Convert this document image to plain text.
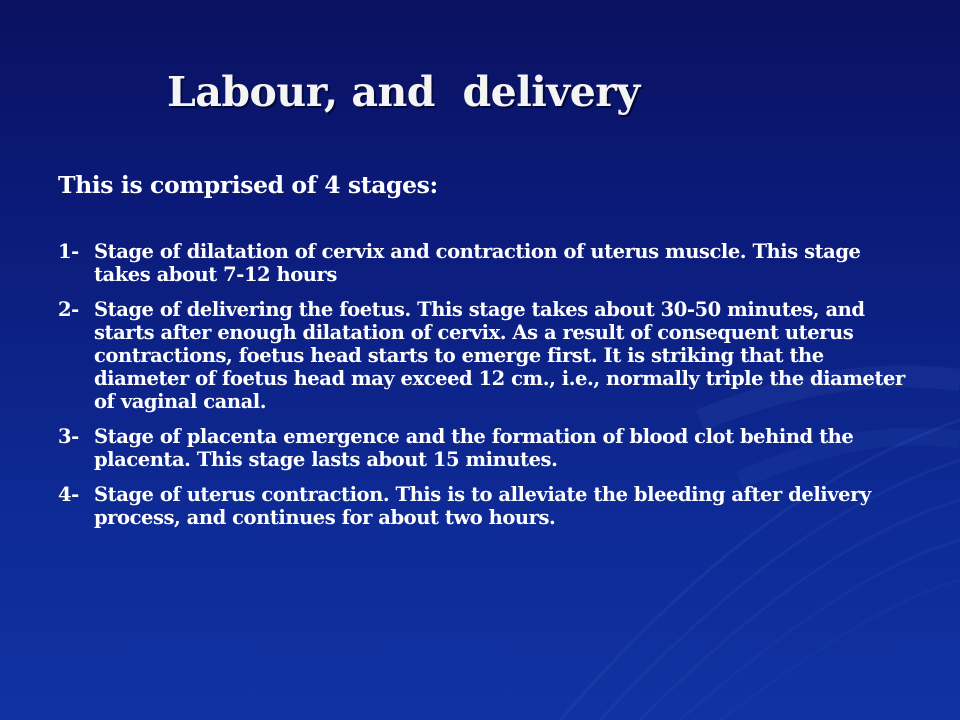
Labour, and  delivery

This is comprised of 4 stages:

1- Stage of dilatation of cervix and contraction of uterus muscle. This stage takes about 7-12 hours
2- Stage of delivering the foetus. This stage takes about 30-50 minutes, and starts after enough dilatation of cervix. As a result of consequent uterus contractions, foetus head starts to emerge first. It is striking that the diameter of foetus head may exceed 12 cm., i.e., normally triple the diameter of vaginal canal.
3- Stage of placenta emergence and the formation of blood clot behind the placenta. This stage lasts about 15 minutes.
4- Stage of uterus contraction. This is to alleviate the bleeding after delivery process, and continues for about two hours.
